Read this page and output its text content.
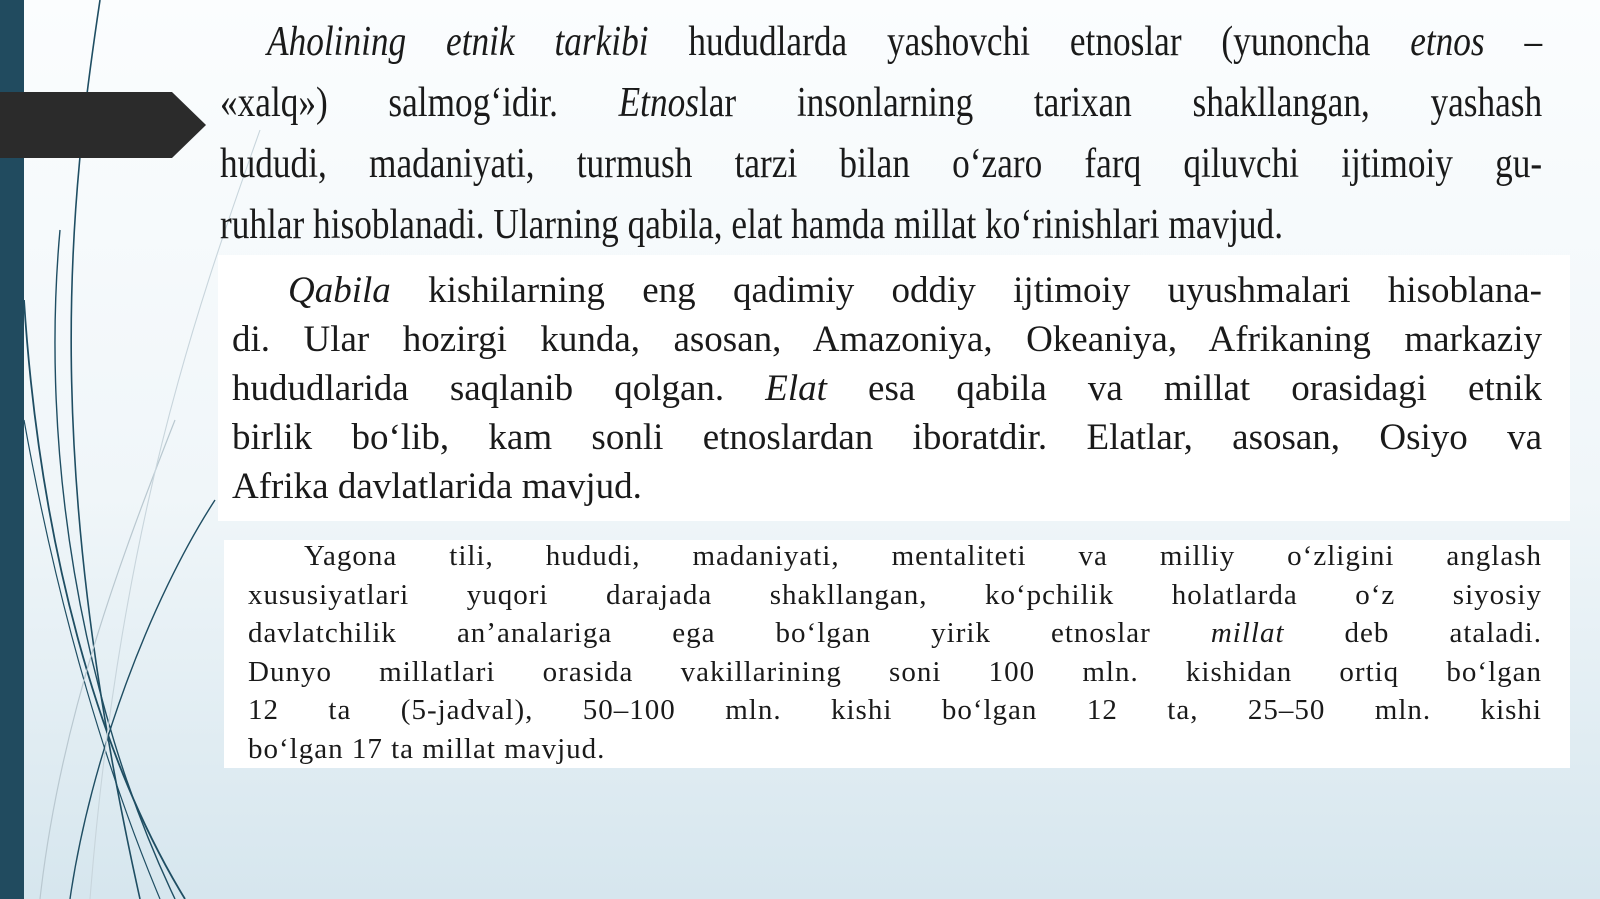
Aholining etnik tarkibi hududlarda yashovchi etnoslar (yunoncha etnos –
«xalq») salmog‘idir. Etnoslar insonlarning tarixan shakllangan, yashash
hududi, madaniyati, turmush tarzi bilan o‘zaro farq qiluvchi ijtimoiy gu-
ruhlar hisoblanadi. Ularning qabila, elat hamda millat ko‘rinishlari mavjud.
Qabila kishilarning eng qadimiy oddiy ijtimoiy uyushmalari hisoblana-
di. Ular hozirgi kunda, asosan, Amazoniya, Okeaniya, Afrikaning markaziy
hududlarida saqlanib qolgan. Elat esa qabila va millat orasidagi etnik
birlik bo‘lib, kam sonli etnoslardan iboratdir. Elatlar, asosan, Osiyo va
Afrika davlatlarida mavjud.
Yagona tili, hududi, madaniyati, mentaliteti va milliy o‘zligini anglash
xususiyatlari yuqori darajada shakllangan, ko‘pchilik holatlarda o‘z siyosiy
davlatchilik an’analariga ega bo‘lgan yirik etnoslar millat deb ataladi.
Dunyo millatlari orasida vakillarining soni 100 mln. kishidan ortiq bo‘lgan
12 ta (5-jadval), 50–100 mln. kishi bo‘lgan 12 ta, 25–50 mln. kishi
bo‘lgan 17 ta millat mavjud.
